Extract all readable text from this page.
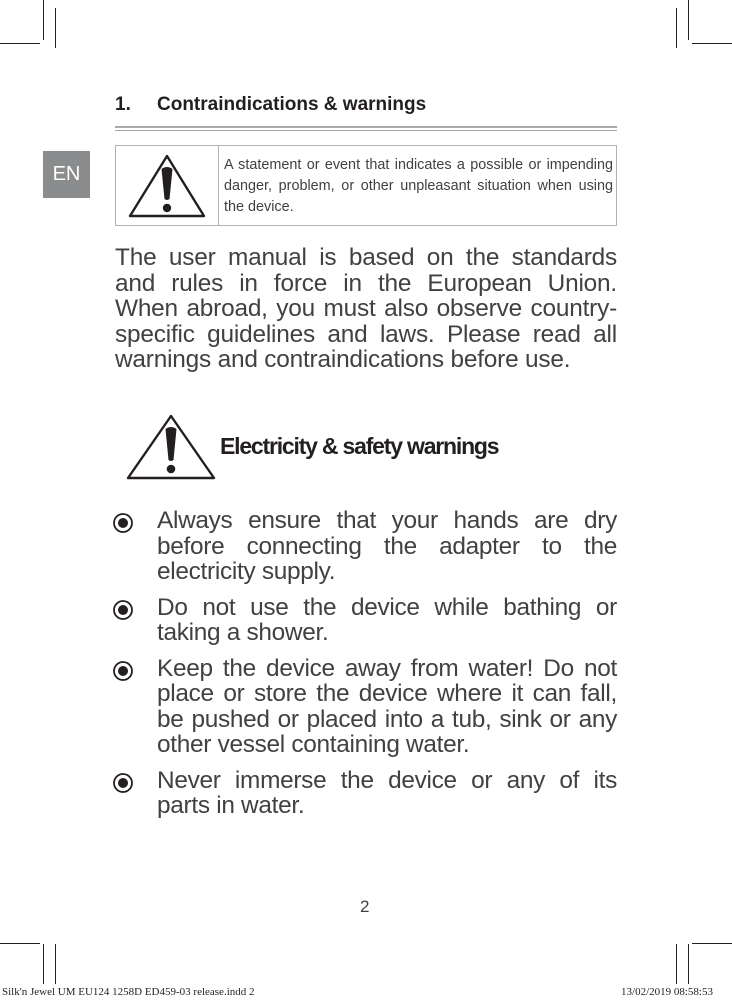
1. Contraindications & warnings
EN	A statement or event that indicates a possible or impending danger, problem, or other unpleasant situation when using the device.
The user manual is based on the standards and rules in force in the European Union. When abroad, you must also observe country-specific guidelines and laws. Please read all warnings and contraindications before use.
Electricity & safety warnings
Always ensure that your hands are dry before connecting the adapter to the electricity supply.
Do not use the device while bathing or taking a shower.
Keep the device away from water! Do not place or store the device where it can fall, be pushed or placed into a tub, sink or any other vessel containing water.
Never immerse the device or any of its parts in water.
2
Silk'n Jewel UM EU124 1258D ED459-03 release.indd 2	13/02/2019 08:58:53
